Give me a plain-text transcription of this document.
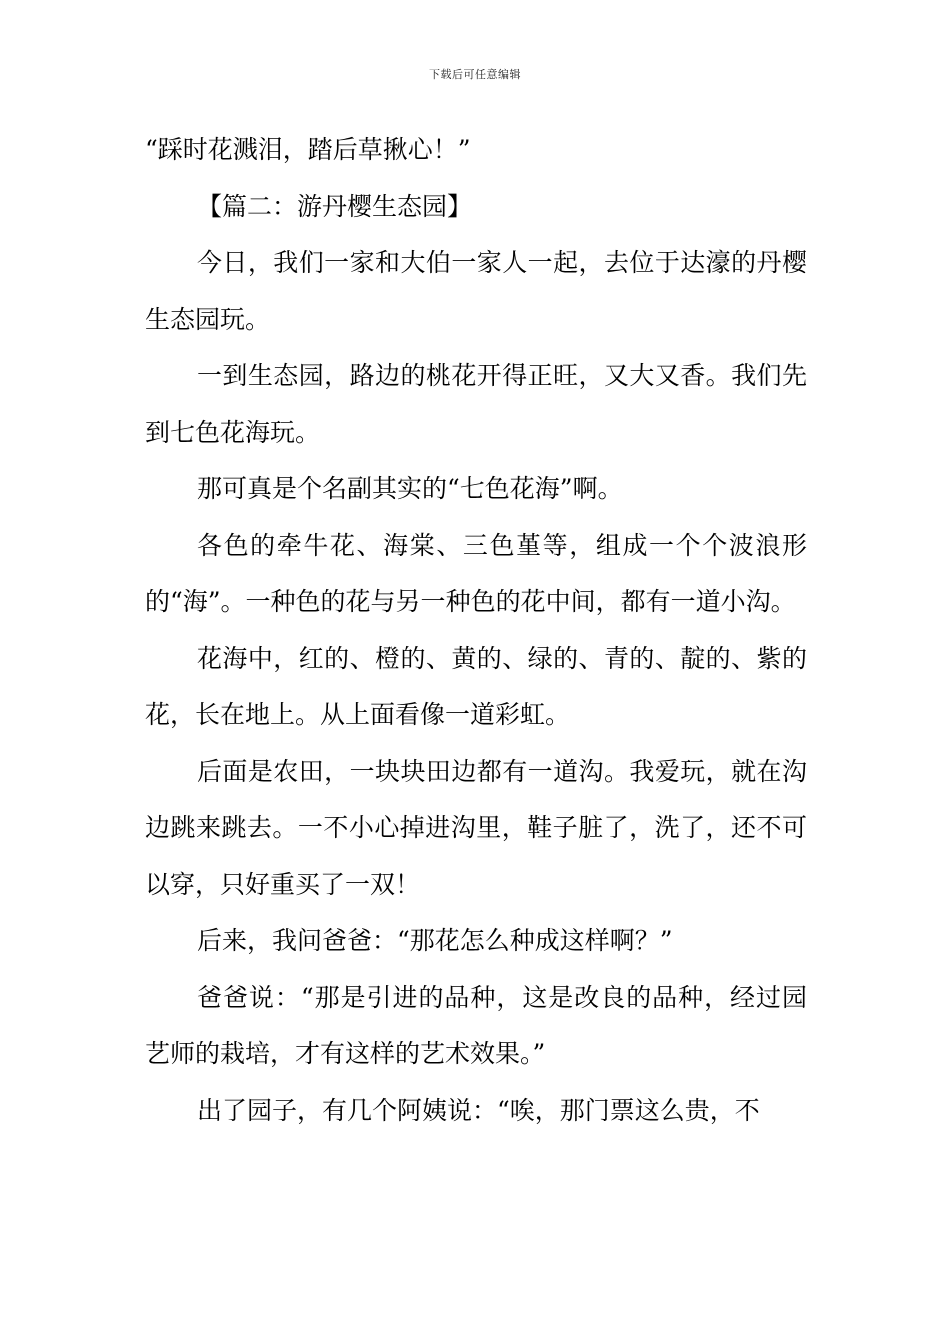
下载后可任意编辑

“踩时花溅泪，踏后草揪心！”

【篇二：游丹樱生态园】

今日，我们一家和大伯一家人一起，去位于达濠的丹樱生态园玩。

一到生态园，路边的桃花开得正旺，又大又香。我们先到七色花海玩。

那可真是个名副其实的“七色花海”啊。

各色的牵牛花、海棠、三色堇等，组成一个个波浪形的“海”。一种色的花与另一种色的花中间，都有一道小沟。

花海中，红的、橙的、黄的、绿的、青的、靛的、紫的花，长在地上。从上面看像一道彩虹。

后面是农田，一块块田边都有一道沟。我爱玩，就在沟边跳来跳去。一不小心掉进沟里，鞋子脏了，洗了，还不可以穿，只好重买了一双！

后来，我问爸爸：“那花怎么种成这样啊？”

爸爸说：“那是引进的品种，这是改良的品种，经过园艺师的栽培，才有这样的艺术效果。”

出了园子，有几个阿姨说：“唉，那门票这么贵，不
